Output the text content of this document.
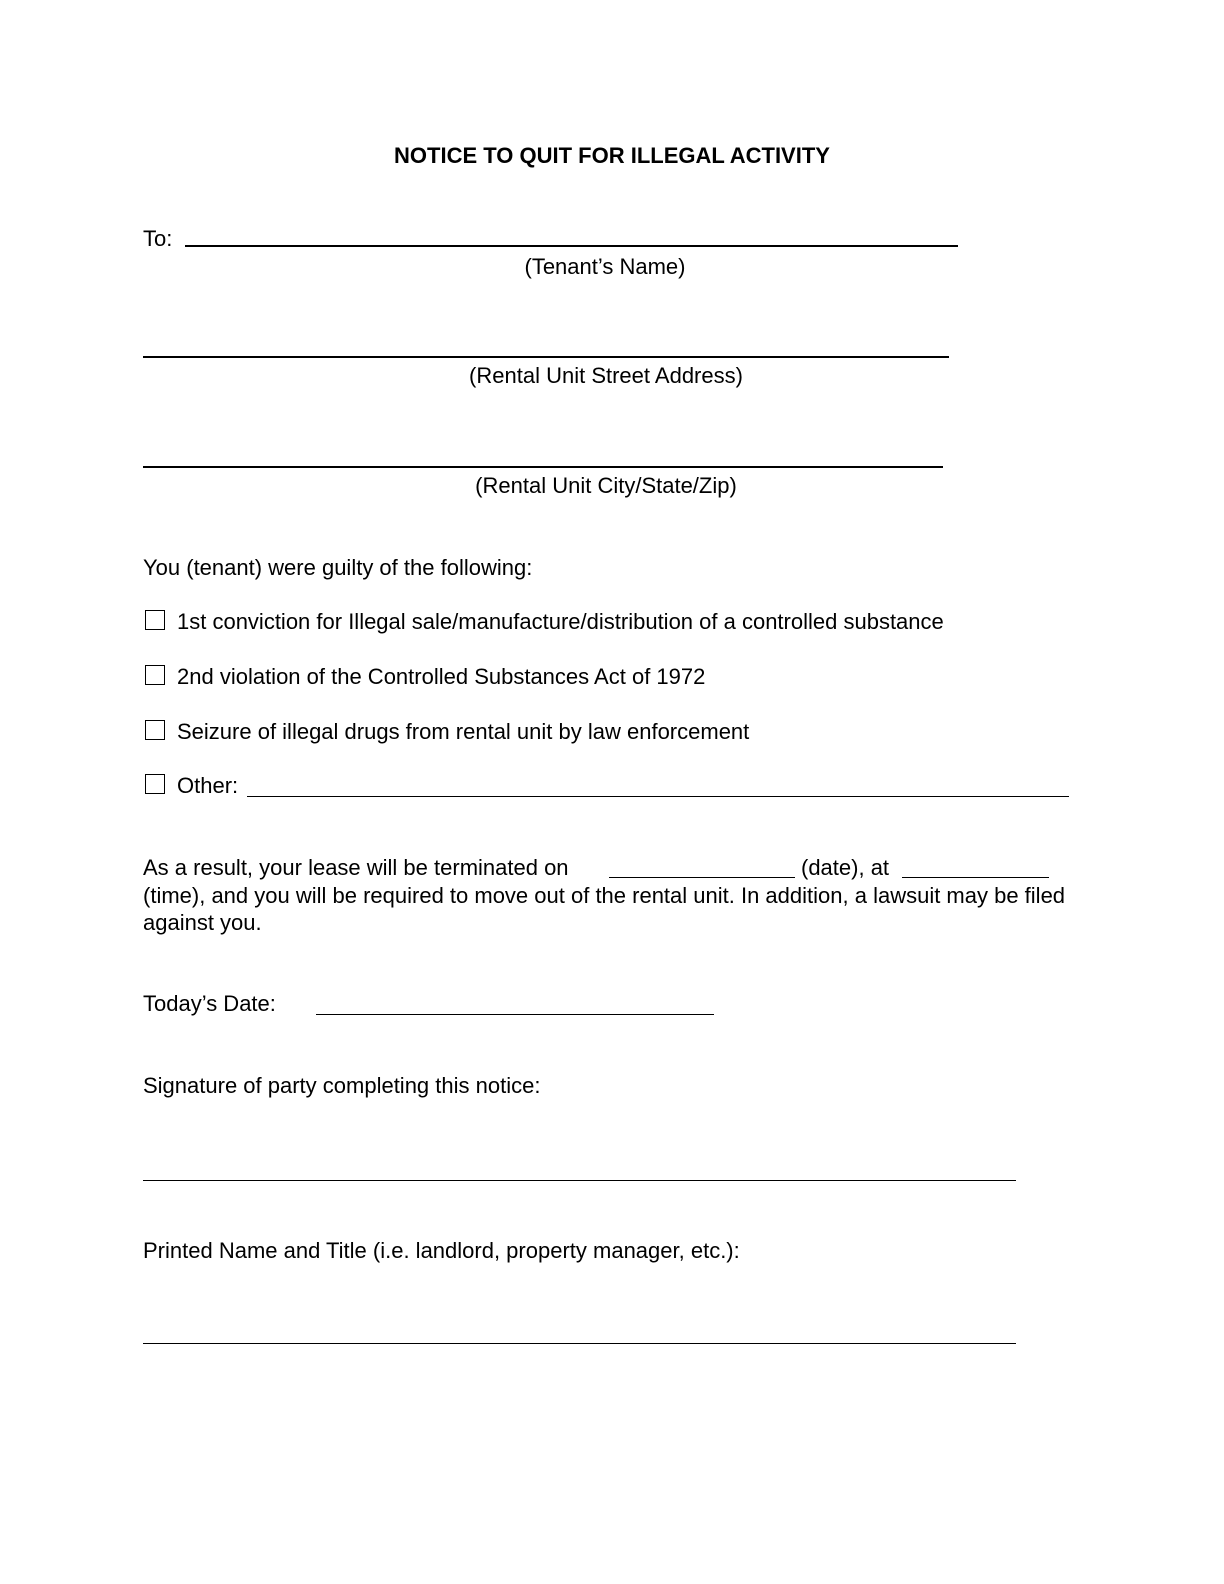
NOTICE TO QUIT FOR ILLEGAL ACTIVITY
To:
(Tenant’s Name)
(Rental Unit Street Address)
(Rental Unit City/State/Zip)
You (tenant) were guilty of the following:
1st conviction for Illegal sale/manufacture/distribution of a controlled substance
2nd violation of the Controlled Substances Act of 1972
Seizure of illegal drugs from rental unit by law enforcement
Other:
As a result, your lease will be terminated on	(date), at
(time), and you will be required to move out of the rental unit. In addition, a lawsuit may be filed against you.
Today’s Date:
Signature of party completing this notice:
Printed Name and Title (i.e. landlord, property manager, etc.):
